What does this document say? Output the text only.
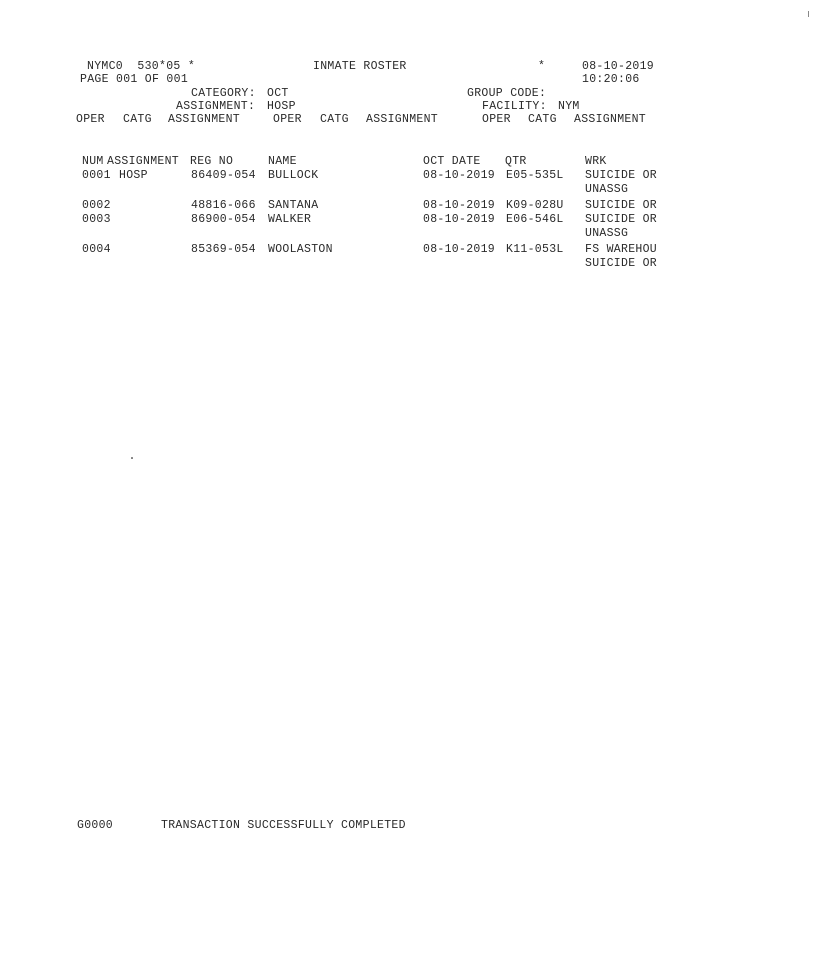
NYMC0  530*05 *	INMATE ROSTER	*	08-10-2019
PAGE 001 OF 001	10:20:06
CATEGORY: OCT	GROUP CODE:
ASSIGNMENT: HOSP	FACILITY: NYM
OPER CATG ASSIGNMENT	OPER CATG ASSIGNMENT	OPER CATG ASSIGNMENT
NUM ASSIGNMENT REG NO	NAME	OCT DATE QTR	WRK
0001 HOSP	86409-054 BULLOCK	08-10-2019 E05-535L SUICIDE OR
UNASSG
0002	48816-066 SANTANA	08-10-2019 K09-028U SUICIDE OR
0003	86900-054 WALKER	08-10-2019 E06-546L SUICIDE OR
UNASSG
0004	85369-054 WOOLASTON	08-10-2019 K11-053L FS WAREHOU
SUICIDE OR
G0000	TRANSACTION SUCCESSFULLY COMPLETED
